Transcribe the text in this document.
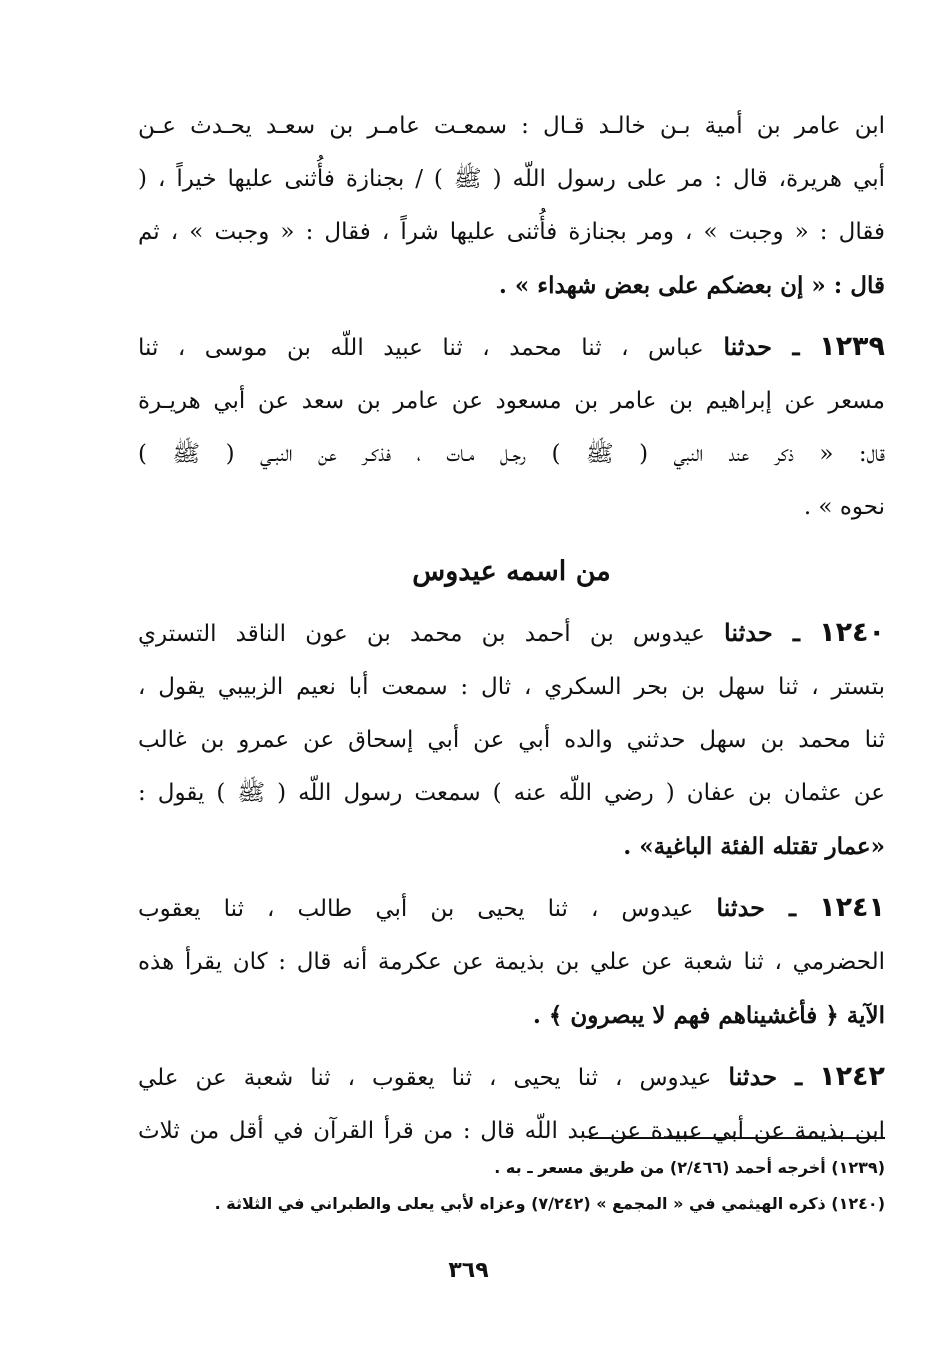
ابن عامر بن أمية بـن خالـد قـال : سمعـت عامـر بن سعـد يحـدث عـن
أبي هريرة، قال : مر على رسول اللّه ( ﷺ ) / بجنازة فأُثنى عليها خيراً ، (
فقال : « وجبت » ، ومر بجنازة فأُثنى عليها شراً ، فقال : « وجبت » ، ثم
قال : « إن بعضكم على بعض شهداء » .

١٢٣٩ ـ حدثنا عباس ، ثنا محمد ، ثنا عبيد اللّه بن موسى ، ثنا
مسعر عن إبراهيم بن عامر بن مسعود عن عامر بن سعد عن أبي هريـرة
قال: « ذكر عند النبي ( ﷺ ) رجـل مـات ، فذكـر عن النبـي ( ﷺ )
نحوه » .

من اسمه عيدوس

١٢٤٠ ـ حدثنا عيدوس بن أحمد بن محمد بن عون الناقد التستري
بتستر ، ثنا سهل بن بحر السكري ، ثال : سمعت أبا نعيم الزبيبي يقول ،
ثنا محمد بن سهل حدثني والده أبي عن أبي إسحاق عن عمرو بن غالب
عن عثمان بن عفان ( رضي اللّه عنه ) سمعت رسول اللّه ( ﷺ ) يقول :
«عمار تقتله الفئة الباغية» .

١٢٤١ ـ حدثنا عيدوس ، ثنا يحيى بن أبي طالب ، ثنا يعقوب
الحضرمي ، ثنا شعبة عن علي بن بذيمة عن عكرمة أنه قال : كان يقرأ هذه
الآية ﴿ فأغشيناهم فهم لا يبصرون ﴾ .

١٢٤٢ ـ حدثنا عيدوس ، ثنا يحيى ، ثنا يعقوب ، ثنا شعبة عن علي
ابن بذيمة عن أبي عبيدة عن عبد اللّه قال : من قرأ القرآن في أقل من ثلاث

(١٢٣٩) أخرجه أحمد (٢/٤٦٦) من طريق مسعر ـ به .
(١٢٤٠) ذكره الهيثمي في « المجمع » (٧/٢٤٢) وعزاه لأبي يعلى والطبراني في الثلاثة .
٣٦٩
